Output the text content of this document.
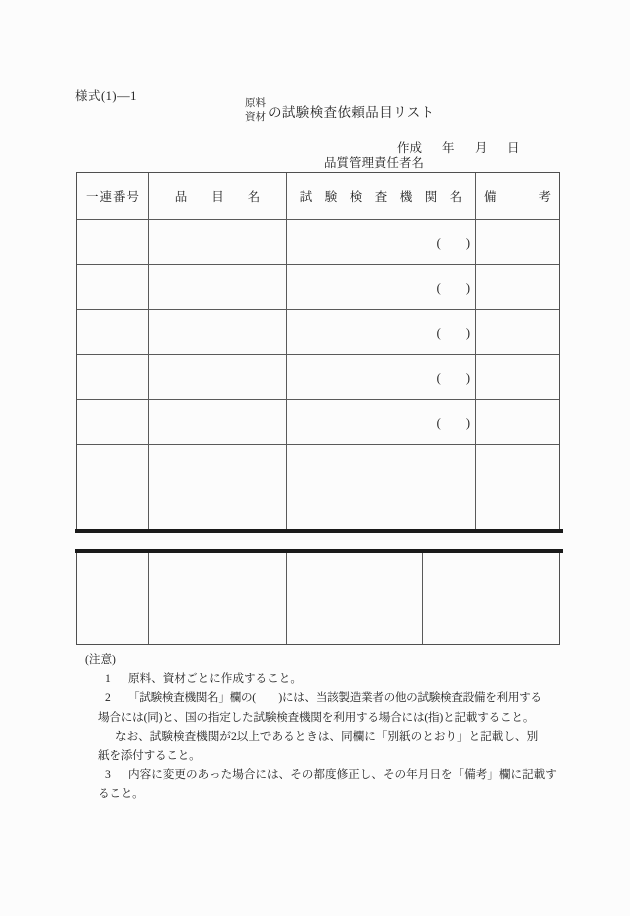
様式(1)―1
原料
資材 の試験検査依頼品目リスト
作成 年 月 日
品質管理責任者名
一連番号	品目名 試験検査機関名 備考
(　　)
(　　)
(　　)
(　　)
(　　)
(注意)
1 原料、資材ごとに作成すること。
2 「試験検査機関名」欄の(　　)には、当該製造業者の他の試験検査設備を利用する
場合には(同)と、国の指定した試験検査機関を利用する場合には(指)と記載すること。
なお、試験検査機関が2以上であるときは、同欄に「別紙のとおり」と記載し、別
紙を添付すること。
3 内容に変更のあった場合には、その都度修正し、その年月日を「備考」欄に記載す
ること。
